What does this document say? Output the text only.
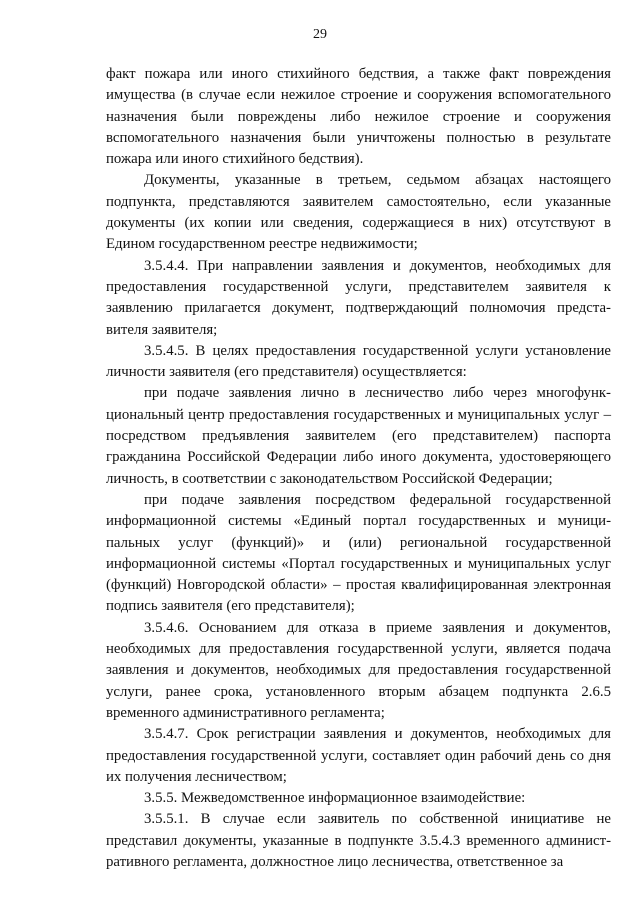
29

факт пожара или иного стихийного бедствия, а также факт повреждения имущества (в случае если нежилое строение и сооружения вспомогательного назначения были повреждены либо нежилое строение и сооружения вспомогательного назначения были уничтожены полностью в результате пожара или иного стихийного бедствия).

Документы, указанные в третьем, седьмом абзацах настоящего подпункта, представляются заявителем самостоятельно, если указанные документы (их копии или сведения, содержащиеся в них) отсутствуют в Едином государственном реестре недвижимости;

3.5.4.4. При направлении заявления и документов, необходимых для предоставления государственной услуги, представителем заявителя к заявлению прилагается документ, подтверждающий полномочия предста-вителя заявителя;

3.5.4.5. В целях предоставления государственной услуги установление личности заявителя (его представителя) осуществляется:

при подаче заявления лично в лесничество либо через многофунк-циональный центр предоставления государственных и муниципальных услуг – посредством предъявления заявителем (его представителем) паспорта гражданина Российской Федерации либо иного документа, удостоверяющего личность, в соответствии с законодательством Российской Федерации;

при подаче заявления посредством федеральной государственной информационной системы «Единый портал государственных и муници-пальных услуг (функций)» и (или) региональной государственной информационной системы «Портал государственных и муниципальных услуг (функций) Новгородской области» – простая квалифицированная электронная подпись заявителя (его представителя);

3.5.4.6. Основанием для отказа в приеме заявления и документов, необходимых для предоставления государственной услуги, является подача заявления и документов, необходимых для предоставления государственной услуги, ранее срока, установленного вторым абзацем подпункта 2.6.5 временного административного регламента;

3.5.4.7. Срок регистрации заявления и документов, необходимых для предоставления государственной услуги, составляет один рабочий день со дня их получения лесничеством;

3.5.5. Межведомственное информационное взаимодействие:

3.5.5.1. В случае если заявитель по собственной инициативе не представил документы, указанные в подпункте 3.5.4.3 временного админист-ративного регламента, должностное лицо лесничества, ответственное за
